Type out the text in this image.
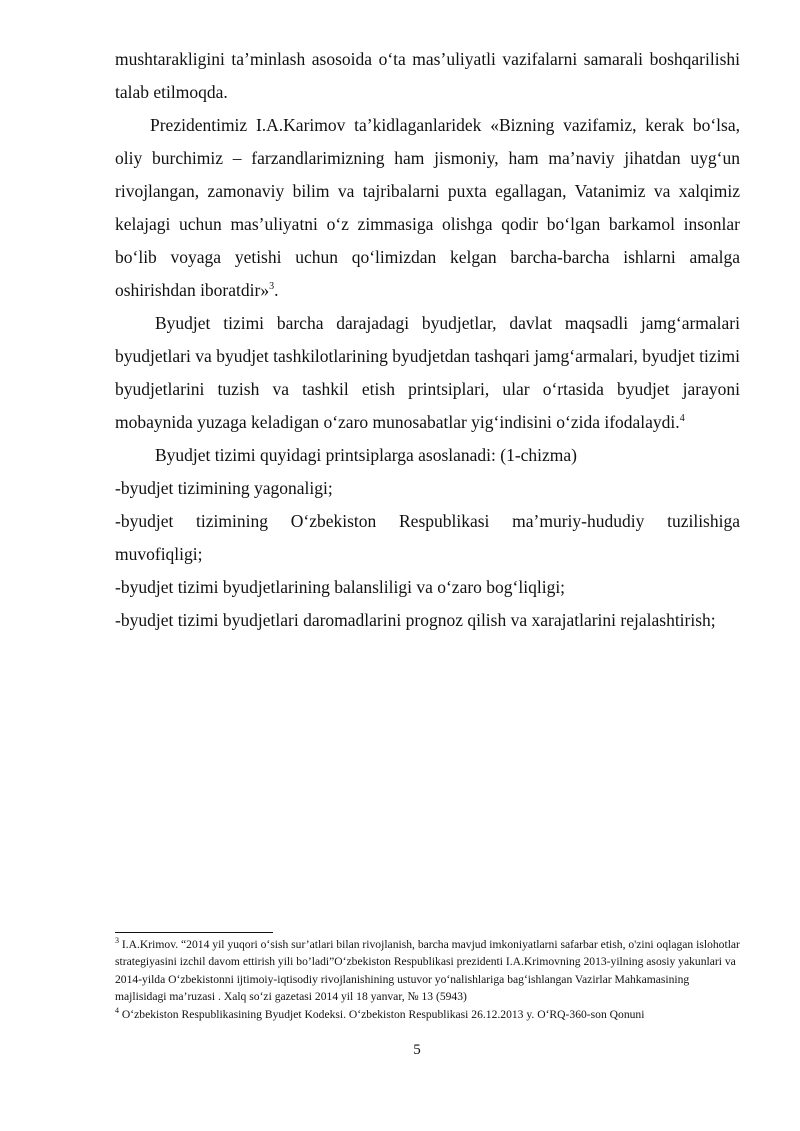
mushtarakligini ta’minlash asosoida o‘ta mas’uliyatli vazifalarni samarali boshqarilishi talab etilmoqda.

Prezidentimiz I.A.Karimov ta’kidlaganlaridek «Bizning vazifamiz, kerak bo‘lsa, oliy burchimiz – farzandlarimizning ham jismoniy, ham ma’naviy jihatdan uyg‘un rivojlangan, zamonaviy bilim va tajribalarni puxta egallagan, Vatanimiz va xalqimiz kelajagi uchun mas’uliyatni o‘z zimmasiga olishga qodir bo‘lgan barkamol insonlar bo‘lib voyaga yetishi uchun qo‘limizdan kelgan barcha-barcha ishlarni amalga oshirishdan iboratdir»$^3$.

Byudjet tizimi barcha darajadagi byudjetlar, davlat maqsadli jamg‘armalari byudjetlari va byudjet tashkilotlarining byudjetdan tashqari jamg‘armalari, byudjet tizimi byudjetlarini tuzish va tashkil etish printsiplari, ular o‘rtasida byudjet jarayoni mobaynida yuzaga keladigan o‘zaro munosabatlar yig‘indisini o‘zida ifodalaydi.$^4$

Byudjet tizimi quyidagi printsiplarga asoslanadi: (1-chizma)

-byudjet tizimining yagonaligi;

-byudjet tizimining O‘zbekiston Respublikasi ma’muriy-hududiy tuzilishiga muvofiqligi;

-byudjet tizimi byudjetlarining balansliligi va o‘zaro bog‘liqligi;

-byudjet tizimi byudjetlari daromadlarini prognoz qilish va xarajatlarini rejalashtirish;

$^3$ I.A.Krimov. “2014 yil yuqori o‘sish sur’atlari bilan rivojlanish, barcha mavjud imkoniyatlarni safarbar etish, o'zini oqlagan islohotlar strategiyasini izchil davom ettirish yili bo’ladi”O‘zbekiston Respublikasi prezidenti I.A.Krimovning 2013-yilning asosiy yakunlari va 2014-yilda O‘zbekistonni ijtimoiy-iqtisodiy rivojlanishining ustuvor yo‘nalishlariga bag‘ishlangan Vazirlar Mahkamasining majlisidagi ma’ruzasi . Xalq so‘zi gazetasi 2014 yil 18 yanvar, № 13 (5943)

$^4$ O‘zbekiston Respublikasining Byudjet Kodeksi. O‘zbekiston Respublikasi 26.12.2013 y. O‘RQ-360-son Qonuni

5
